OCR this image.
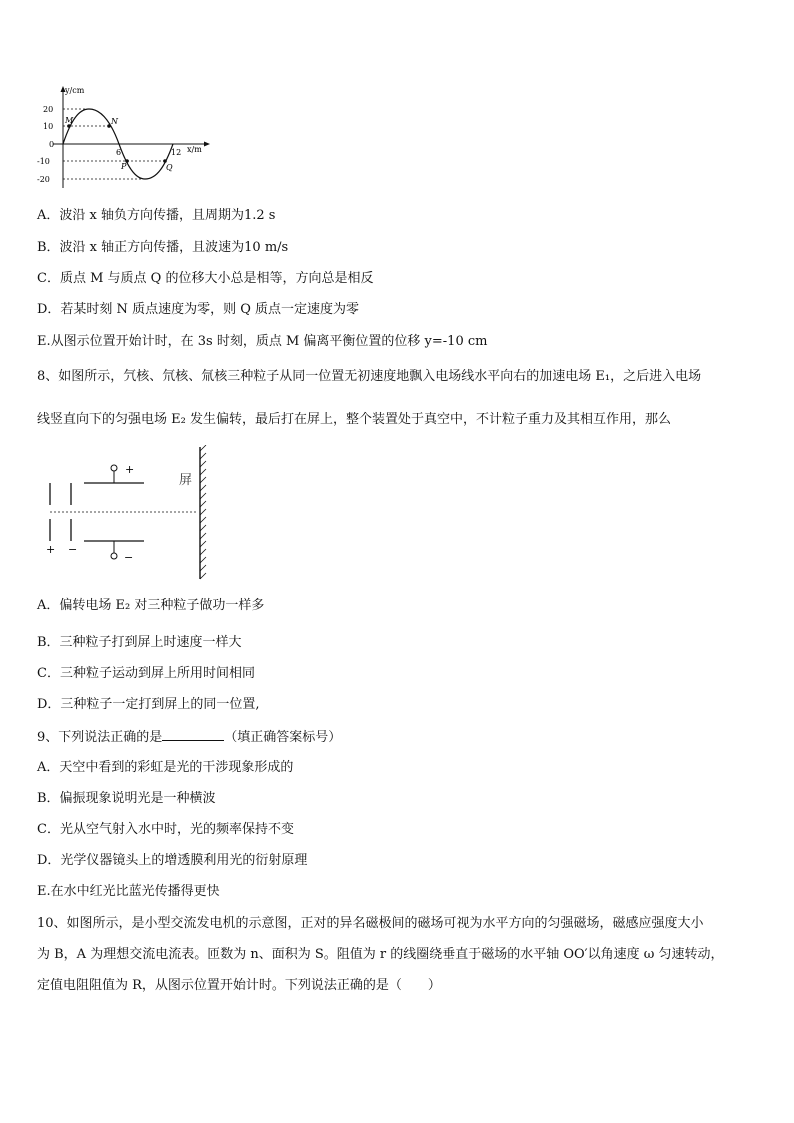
y/cm
x/m
20
10
0
-10
-20
6	12
M	N
P	Q
A．波沿 x 轴负方向传播，且周期为1.2 s
B．波沿 x 轴正方向传播，且波速为10 m/s
C．质点 M 与质点 Q 的位移大小总是相等，方向总是相反
D．若某时刻 N 质点速度为零，则 Q 质点一定速度为零
E.从图示位置开始计时，在 3s 时刻，质点 M 偏离平衡位置的位移 y=-10 cm
8、如图所示，氕核、氘核、氚核三种粒子从同一位置无初速度地飘入电场线水平向右的加速电场 E₁，之后进入电场
线竖直向下的匀强电场 E₂ 发生偏转，最后打在屏上，整个装置处于真空中，不计粒子重力及其相互作用，那么
+ −
+
−
屏
A．偏转电场 E₂ 对三种粒子做功一样多
B．三种粒子打到屏上时速度一样大
C．三种粒子运动到屏上所用时间相同
D．三种粒子一定打到屏上的同一位置,
9、下列说法正确的是	（填正确答案标号）
A．天空中看到的彩虹是光的干涉现象形成的
B．偏振现象说明光是一种横波
C．光从空气射入水中时，光的频率保持不变
D．光学仪器镜头上的增透膜利用光的衍射原理
E.在水中红光比蓝光传播得更快
10、如图所示，是小型交流发电机的示意图，正对的异名磁极间的磁场可视为水平方向的匀强磁场，磁感应强度大小
为 B，A 为理想交流电流表。匝数为 n、面积为 S。阻值为 r 的线圈绕垂直于磁场的水平轴 OO′以角速度 ω 匀速转动，
定值电阻阻值为 R，从图示位置开始计时。下列说法正确的是（　　）
